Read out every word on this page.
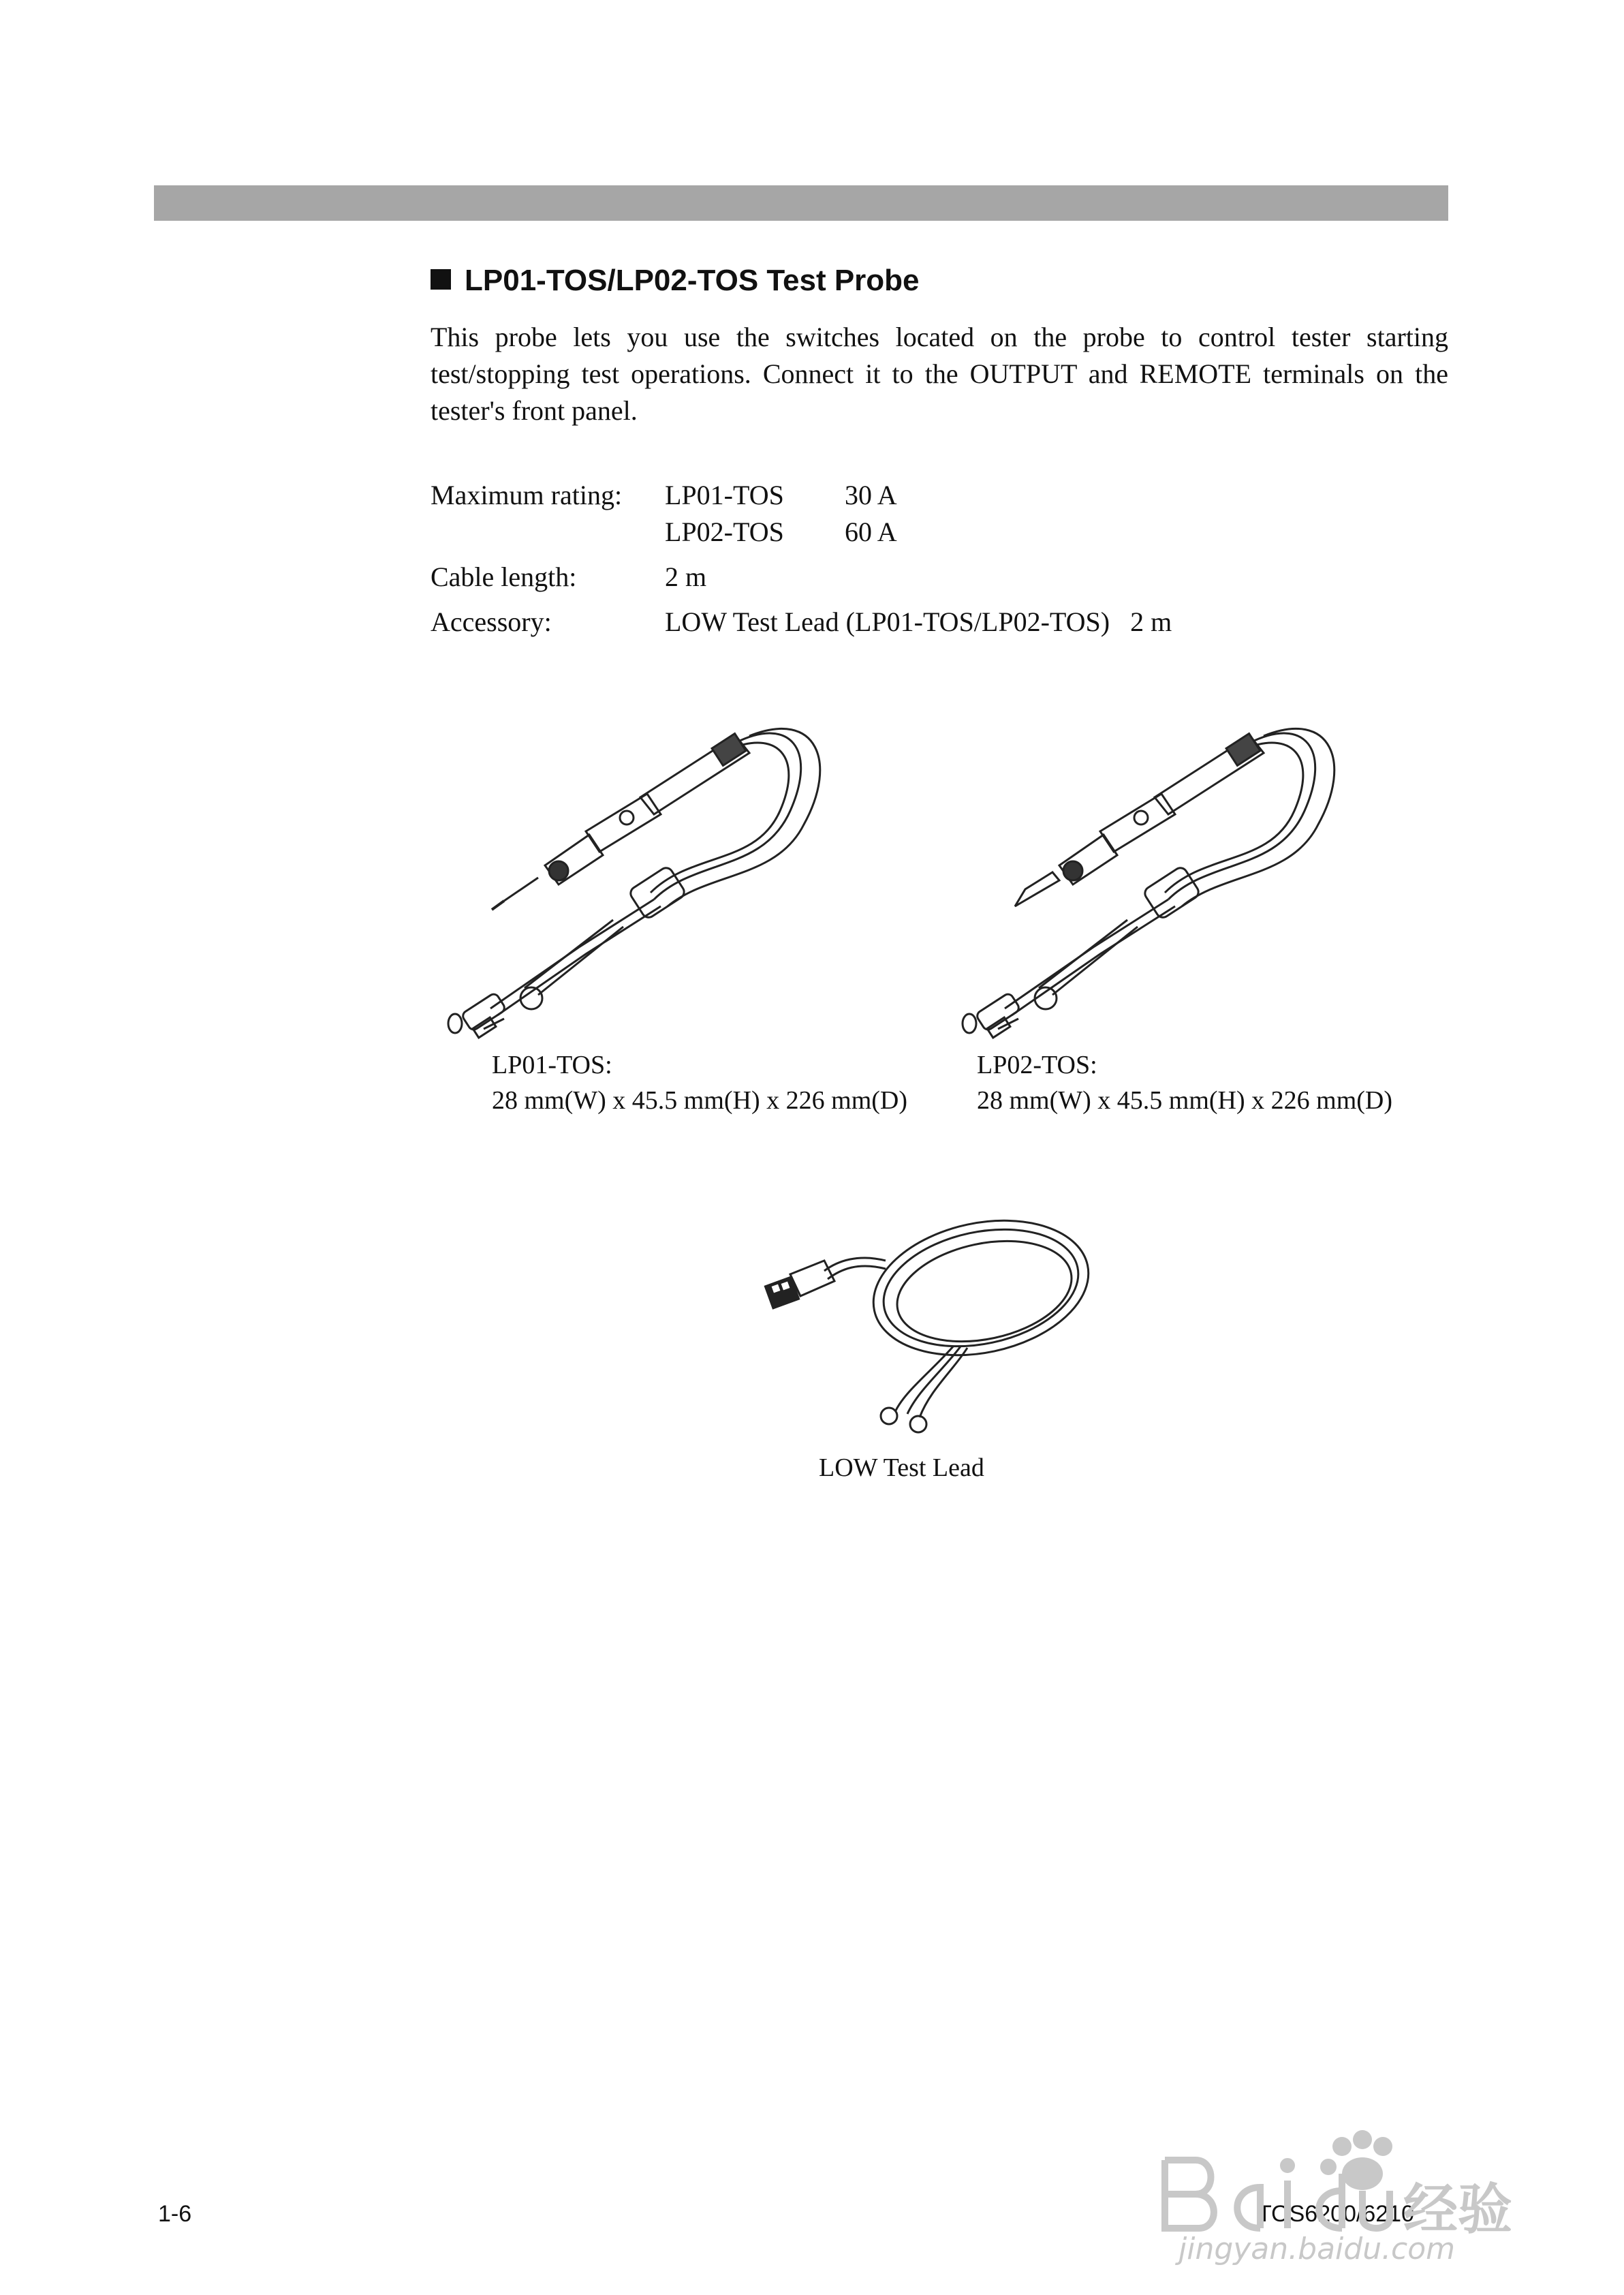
LP01-TOS/LP02-TOS Test Probe
This probe lets you use the switches located on the probe to control tester starting test/stopping test operations. Connect it to the OUTPUT and REMOTE terminals on the tester's front panel.
Maximum rating: LP01-TOS 30 A
LP02-TOS 60 A
Cable length:	2 m
Accessory:	LOW Test Lead (LP01-TOS/LP02-TOS)   2 m
LP01-TOS:
28 mm(W) x 45.5 mm(H) x 226 mm(D)
LP02-TOS:
28 mm(W) x 45.5 mm(H) x 226 mm(D)
LOW Test Lead
1-6	TOS6200/6210
经验
jingyan.baidu.com
